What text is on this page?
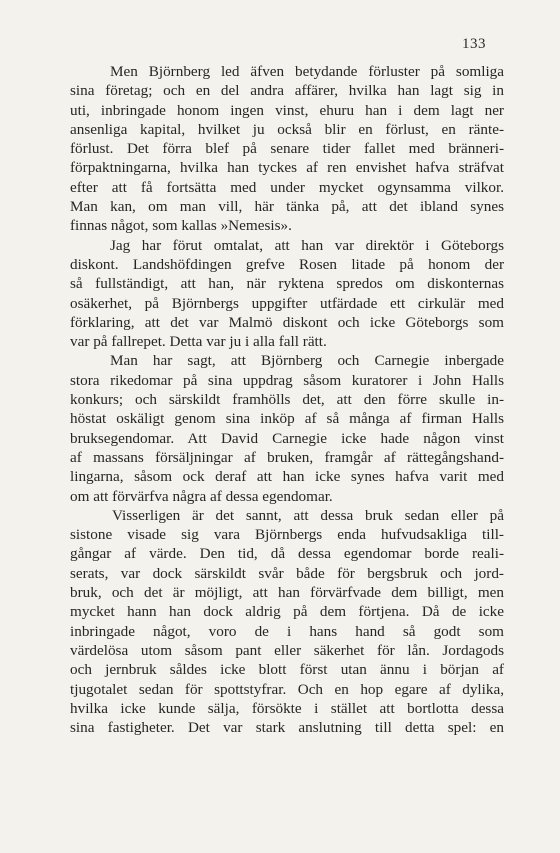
133
Men Björnberg led äfven betydande förluster på somliga
sina företag; och en del andra affärer, hvilka han lagt sig in
uti, inbringade honom ingen vinst, ehuru han i dem lagt ner
ansenliga kapital, hvilket ju också blir en förlust, en ränte-
förlust. Det förra blef på senare tider fallet med bränneri-
förpaktningarna, hvilka han tyckes af ren envishet hafva sträfvat
efter att få fortsätta med under mycket ogynsamma vilkor.
Man kan, om man vill, här tänka på, att det ibland synes
finnas något, som kallas »Nemesis».
Jag har förut omtalat, att han var direktör i Göteborgs
diskont. Landshöfdingen grefve Rosen litade på honom der
så fullständigt, att han, när ryktena spredos om diskonternas
osäkerhet, på Björnbergs uppgifter utfärdade ett cirkulär med
förklaring, att det var Malmö diskont och icke Göteborgs som
var på fallrepet. Detta var ju i alla fall rätt.
Man har sagt, att Björnberg och Carnegie inbergade
stora rikedomar på sina uppdrag såsom kuratorer i John Halls
konkurs; och särskildt framhölls det, att den förre skulle in-
höstat oskäligt genom sina inköp af så många af firman Halls
bruksegendomar. Att David Carnegie icke hade någon vinst
af massans försäljningar af bruken, framgår af rättegångshand-
lingarna, såsom ock deraf att han icke synes hafva varit med
om att förvärfva några af dessa egendomar.
Visserligen är det sannt, att dessa bruk sedan eller på
sistone visade sig vara Björnbergs enda hufvudsakliga till-
gångar af värde. Den tid, då dessa egendomar borde reali-
serats, var dock särskildt svår både för bergsbruk och jord-
bruk, och det är möjligt, att han förvärfvade dem billigt, men
mycket hann han dock aldrig på dem förtjena. Då de icke
inbringade något, voro de i hans hand så godt som
värdelösa utom såsom pant eller säkerhet för lån. Jordagods
och jernbruk såldes icke blott först utan ännu i början af
tjugotalet sedan för spottstyfrar. Och en hop egare af dylika,
hvilka icke kunde sälja, försökte i stället att bortlotta dessa
sina fastigheter. Det var stark anslutning till detta spel: en
